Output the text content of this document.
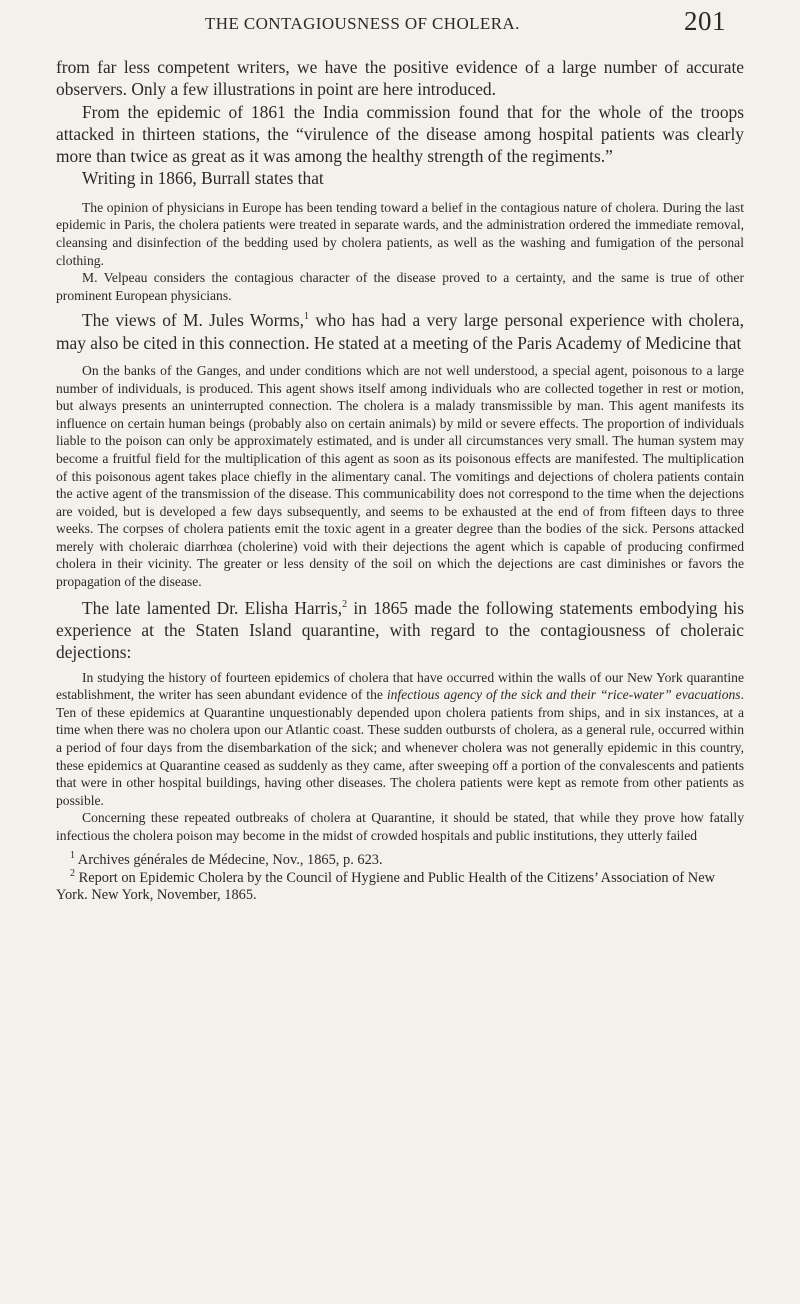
THE CONTAGIOUSNESS OF CHOLERA.	201

from far less competent writers, we have the positive evidence of a large number of accurate observers. Only a few illustrations in point are here introduced.

From the epidemic of 1861 the India commission found that for the whole of the troops attacked in thirteen stations, the “virulence of the disease among hospital patients was clearly more than twice as great as it was among the healthy strength of the regiments.”

Writing in 1866, Burrall states that

The opinion of physicians in Europe has been tending toward a belief in the contagious nature of cholera. During the last epidemic in Paris, the cholera patients were treated in separate wards, and the administration ordered the immediate removal, cleansing and disinfection of the bedding used by cholera patients, as well as the washing and fumigation of the personal clothing.

M. Velpeau considers the contagious character of the disease proved to a certainty, and the same is true of other prominent European physicians.

The views of M. Jules Worms,$^1$ who has had a very large personal experience with cholera, may also be cited in this connection. He stated at a meeting of the Paris Academy of Medicine that

On the banks of the Ganges, and under conditions which are not well understood, a special agent, poisonous to a large number of individuals, is produced. This agent shows itself among individuals who are collected together in rest or motion, but always presents an uninterrupted connection. The cholera is a malady transmissible by man. This agent manifests its influence on certain human beings (probably also on certain animals) by mild or severe effects. The proportion of individuals liable to the poison can only be approximately estimated, and is under all circumstances very small. The human system may become a fruitful field for the multiplication of this agent as soon as its poisonous effects are manifested. The multiplication of this poisonous agent takes place chiefly in the alimentary canal. The vomitings and dejections of cholera patients contain the active agent of the transmission of the disease. This communicability does not correspond to the time when the dejections are voided, but is developed a few days subsequently, and seems to be exhausted at the end of from fifteen days to three weeks. The corpses of cholera patients emit the toxic agent in a greater degree than the bodies of the sick. Persons attacked merely with choleraic diarrhœa (cholerine) void with their dejections the agent which is capable of producing confirmed cholera in their vicinity. The greater or less density of the soil on which the dejections are cast diminishes or favors the propagation of the disease.

The late lamented Dr. Elisha Harris,$^2$ in 1865 made the following statements embodying his experience at the Staten Island quarantine, with regard to the contagiousness of choleraic dejections:

In studying the history of fourteen epidemics of cholera that have occurred within the walls of our New York quarantine establishment, the writer has seen abundant evidence of the infectious agency of the sick and their “rice-water” evacuations. Ten of these epidemics at Quarantine unquestionably depended upon cholera patients from ships, and in six instances, at a time when there was no cholera upon our Atlantic coast. These sudden outbursts of cholera, as a general rule, occurred within a period of four days from the disembarkation of the sick; and whenever cholera was not generally epidemic in this country, these epidemics at Quarantine ceased as suddenly as they came, after sweeping off a portion of the convalescents and patients that were in other hospital buildings, having other diseases. The cholera patients were kept as remote from other patients as possible.

Concerning these repeated outbreaks of cholera at Quarantine, it should be stated, that while they prove how fatally infectious the cholera poison may become in the midst of crowded hospitals and public institutions, they utterly failed

$^1$ Archives générales de Médecine, Nov., 1865, p. 623.

$^2$ Report on Epidemic Cholera by the Council of Hygiene and Public Health of the Citizens’ Association of New York. New York, November, 1865.
